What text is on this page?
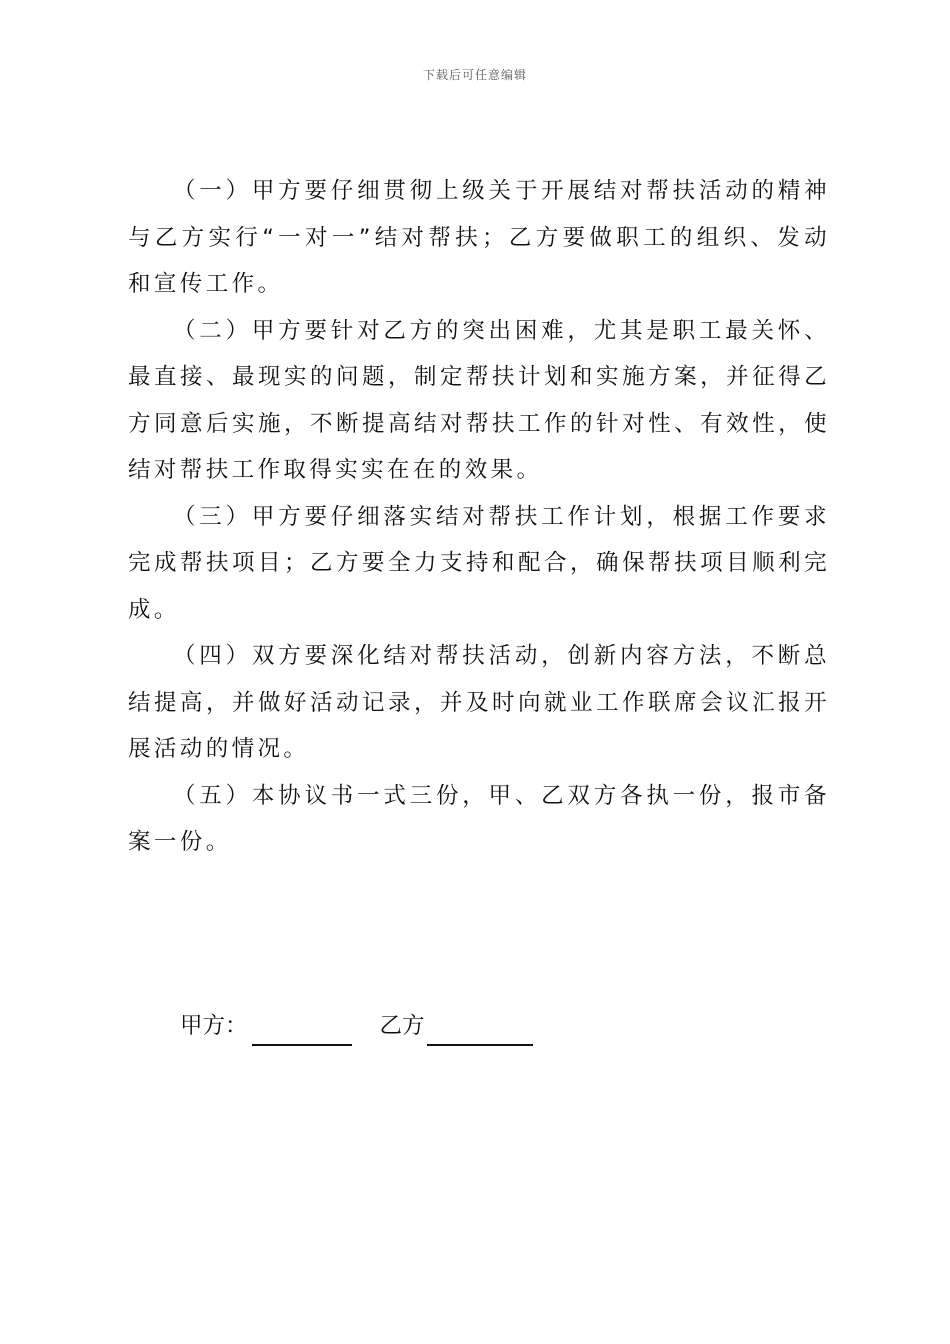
下载后可任意编辑

（一）甲方要仔细贯彻上级关于开展结对帮扶活动的精神与乙方实行“一对一”结对帮扶；乙方要做职工的组织、发动和宣传工作。

（二）甲方要针对乙方的突出困难，尤其是职工最关怀、最直接、最现实的问题，制定帮扶计划和实施方案，并征得乙方同意后实施，不断提高结对帮扶工作的针对性、有效性，使结对帮扶工作取得实实在在的效果。

（三）甲方要仔细落实结对帮扶工作计划，根据工作要求完成帮扶项目；乙方要全力支持和配合，确保帮扶项目顺利完成。

（四）双方要深化结对帮扶活动，创新内容方法，不断总结提高，并做好活动记录，并及时向就业工作联席会议汇报开展活动的情况。

（五）本协议书一式三份，甲、乙双方各执一份，报市备案一份。

甲方：	乙方
